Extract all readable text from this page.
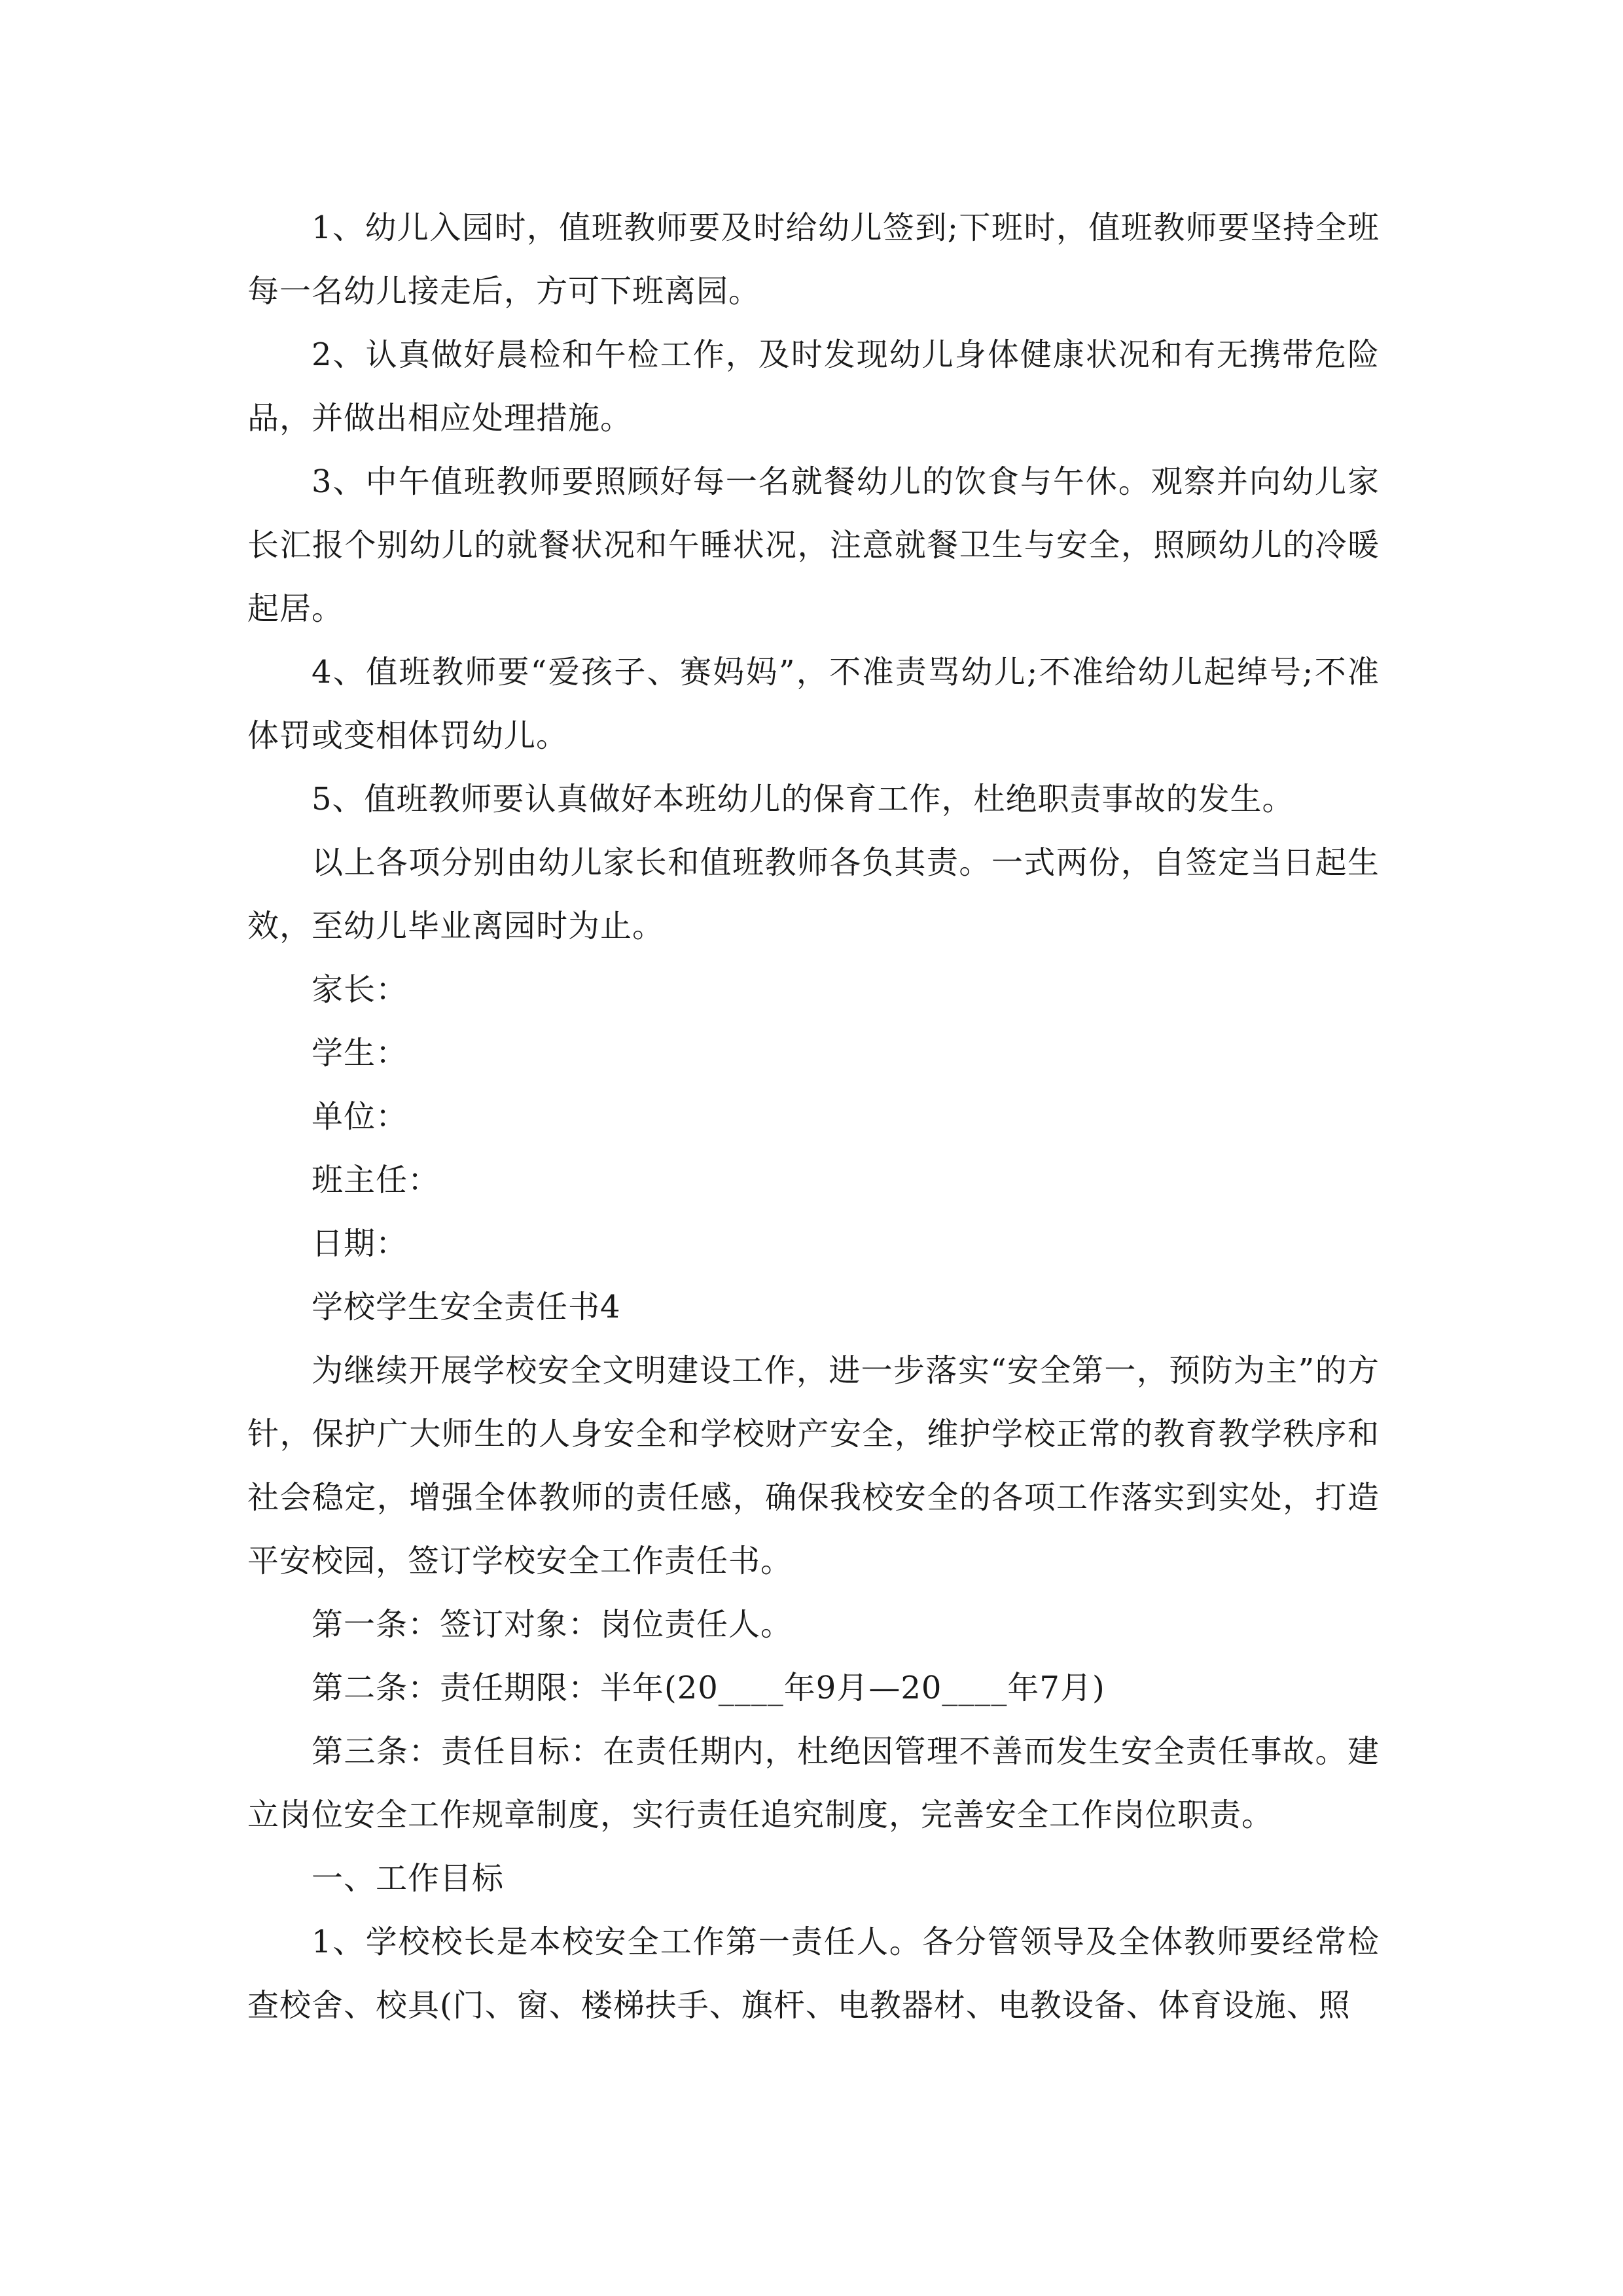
1、幼儿入园时，值班教师要及时给幼儿签到;下班时，值班教师要坚持全班每一名幼儿接走后，方可下班离园。

2、认真做好晨检和午检工作，及时发现幼儿身体健康状况和有无携带危险品，并做出相应处理措施。

3、中午值班教师要照顾好每一名就餐幼儿的饮食与午休。观察并向幼儿家长汇报个别幼儿的就餐状况和午睡状况，注意就餐卫生与安全，照顾幼儿的冷暖起居。

4、值班教师要“爱孩子、赛妈妈”，不准责骂幼儿;不准给幼儿起绰号;不准体罚或变相体罚幼儿。

5、值班教师要认真做好本班幼儿的保育工作，杜绝职责事故的发生。

以上各项分别由幼儿家长和值班教师各负其责。一式两份，自签定当日起生效，至幼儿毕业离园时为止。

家长：

学生：

单位：

班主任：

日期：

学校学生安全责任书4

为继续开展学校安全文明建设工作，进一步落实“安全第一，预防为主”的方针，保护广大师生的人身安全和学校财产安全，维护学校正常的教育教学秩序和社会稳定，增强全体教师的责任感，确保我校安全的各项工作落实到实处，打造平安校园，签订学校安全工作责任书。

第一条：签订对象：岗位责任人。

第二条：责任期限：半年(20____年9月—20____年7月)

第三条：责任目标：在责任期内，杜绝因管理不善而发生安全责任事故。建立岗位安全工作规章制度，实行责任追究制度，完善安全工作岗位职责。

一、工作目标

1、学校校长是本校安全工作第一责任人。各分管领导及全体教师要经常检查校舍、校具(门、窗、楼梯扶手、旗杆、电教器材、电教设备、体育设施、照
